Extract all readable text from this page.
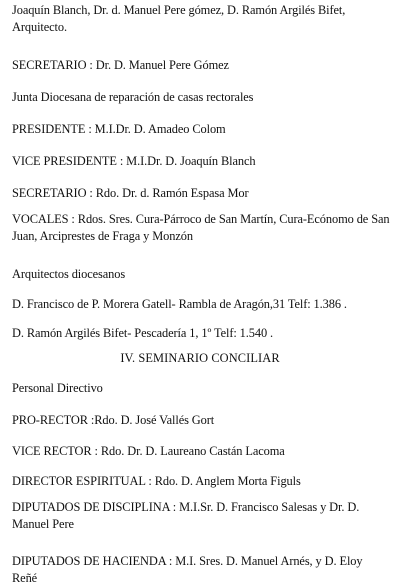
Joaquín Blanch, Dr. d. Manuel Pere gómez, D. Ramón Argilés Bifet, Arquitecto.
SECRETARIO : Dr. D. Manuel Pere Gómez
Junta Diocesana de reparación de casas rectorales
PRESIDENTE : M.I.Dr. D. Amadeo Colom
VICE PRESIDENTE : M.I.Dr. D. Joaquín Blanch
SECRETARIO : Rdo. Dr. d. Ramón Espasa Mor
VOCALES : Rdos. Sres. Cura-Párroco de San Martín, Cura-Ecónomo de San Juan, Arciprestes de Fraga y Monzón
Arquitectos diocesanos
D. Francisco de P. Morera Gatell- Rambla de Aragón,31 Telf: 1.386 .
D. Ramón Argilés Bifet- Pescadería 1, 1º Telf: 1.540 .
IV. SEMINARIO CONCILIAR
Personal Directivo
PRO-RECTOR :Rdo. D. José Vallés Gort
VICE RECTOR : Rdo. Dr. D. Laureano Castán Lacoma
DIRECTOR ESPIRITUAL : Rdo. D. Anglem Morta Figuls
DIPUTADOS DE DISCIPLINA : M.I.Sr. D. Francisco Salesas y Dr. D. Manuel Pere
DIPUTADOS DE HACIENDA : M.I. Sres. D. Manuel Arnés, y D. Eloy Reñé
